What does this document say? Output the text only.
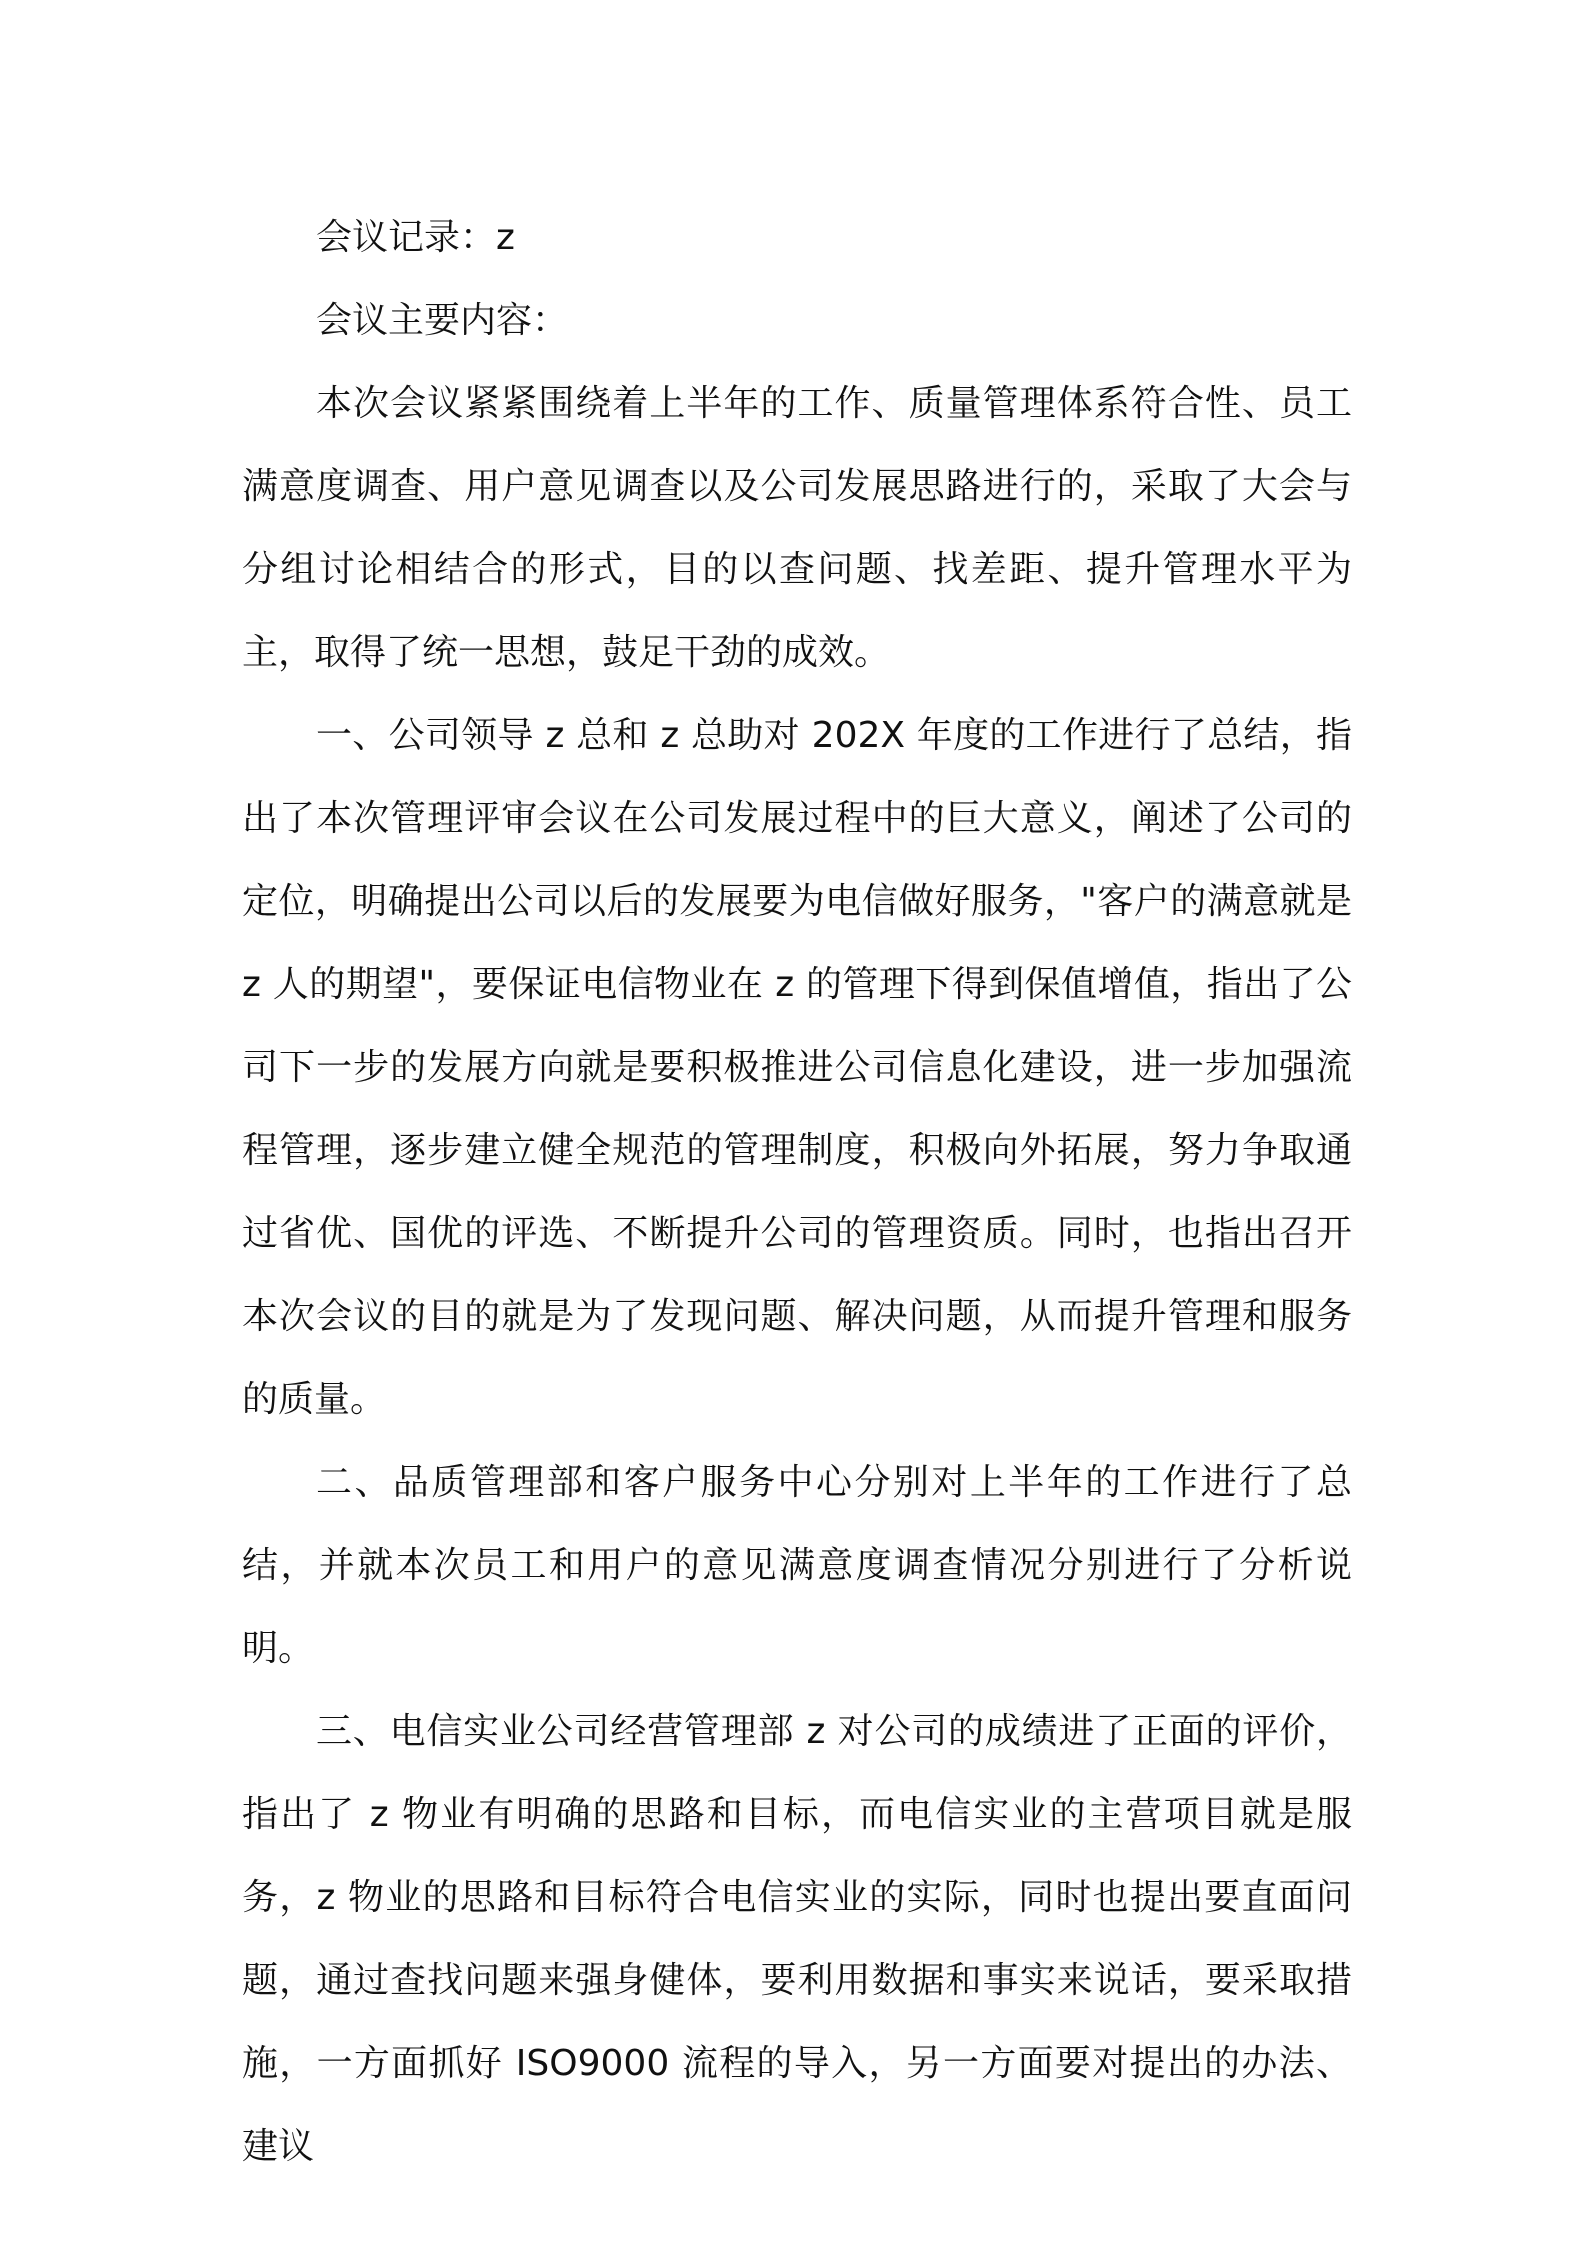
会议记录：z

会议主要内容：

本次会议紧紧围绕着上半年的工作、质量管理体系符合性、员工满意度调查、用户意见调查以及公司发展思路进行的，采取了大会与分组讨论相结合的形式，目的以查问题、找差距、提升管理水平为主，取得了统一思想，鼓足干劲的成效。

一、公司领导 z 总和 z 总助对 202X 年度的工作进行了总结，指出了本次管理评审会议在公司发展过程中的巨大意义，阐述了公司的定位，明确提出公司以后的发展要为电信做好服务，"客户的满意就是 z 人的期望"，要保证电信物业在 z 的管理下得到保值增值，指出了公司下一步的发展方向就是要积极推进公司信息化建设，进一步加强流程管理，逐步建立健全规范的管理制度，积极向外拓展，努力争取通过省优、国优的评选、不断提升公司的管理资质。同时，也指出召开本次会议的目的就是为了发现问题、解决问题，从而提升管理和服务的质量。

二、品质管理部和客户服务中心分别对上半年的工作进行了总结，并就本次员工和用户的意见满意度调查情况分别进行了分析说明。

三、电信实业公司经营管理部 z 对公司的成绩进了正面的评价，指出了 z 物业有明确的思路和目标，而电信实业的主营项目就是服务，z 物业的思路和目标符合电信实业的实际，同时也提出要直面问题，通过查找问题来强身健体，要利用数据和事实来说话，要采取措施，一方面抓好 ISO9000 流程的导入，另一方面要对提出的办法、建议
